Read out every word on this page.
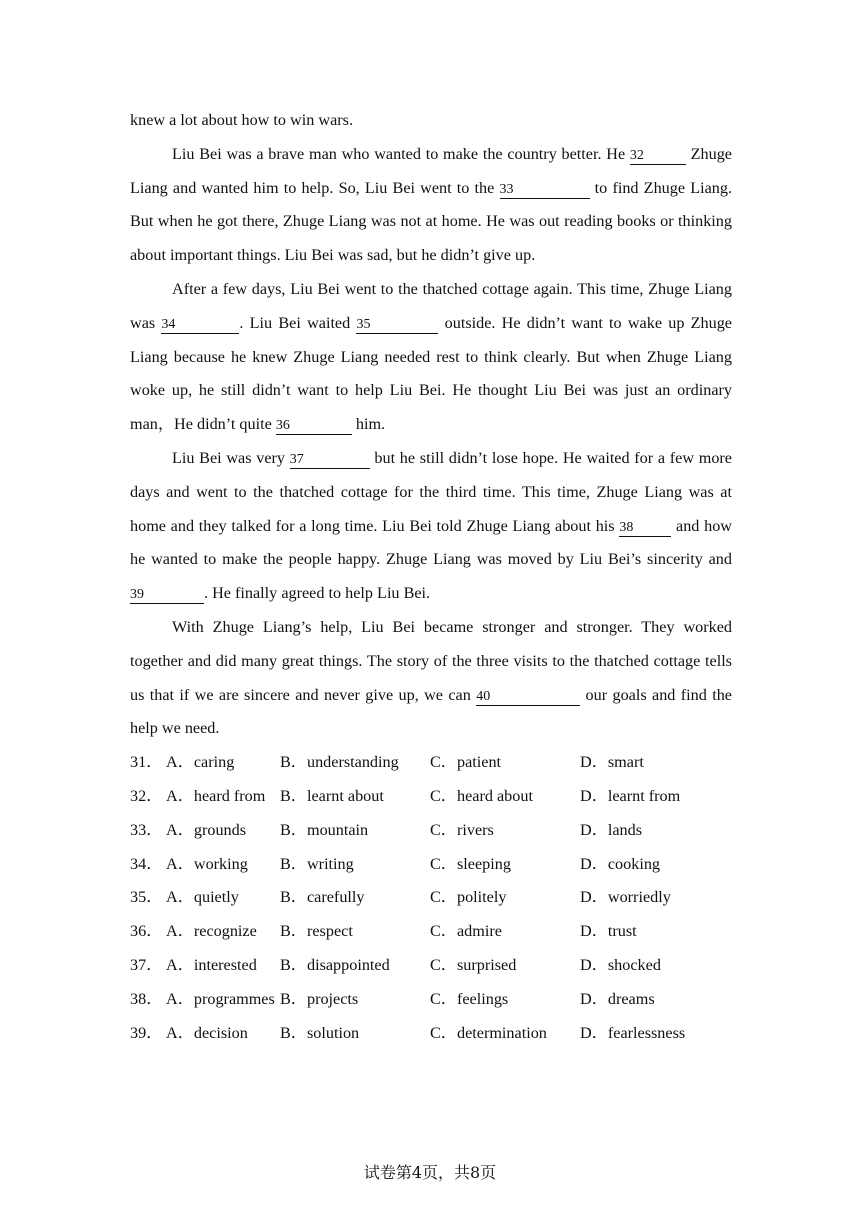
knew a lot about how to win wars.

Liu Bei was a brave man who wanted to make the country better. He 32	Zhuge Liang and wanted him to help. So, Liu Bei went to the 33	to find Zhuge Liang. But when he got there, Zhuge Liang was not at home. He was out reading books or thinking about important things. Liu Bei was sad, but he didn’t give up.

After a few days, Liu Bei went to the thatched cottage again. This time, Zhuge Liang was 34	. Liu Bei waited 35	outside. He didn’t want to wake up Zhuge Liang because he knew Zhuge Liang needed rest to think clearly. But when Zhuge Liang woke up, he still didn’t want to help Liu Bei. He thought Liu Bei was just an ordinary man，He didn’t quite 36	him.

Liu Bei was very 37	but he still didn’t lose hope. He waited for a few more days and went to the thatched cottage for the third time. This time, Zhuge Liang was at home and they talked for a long time. Liu Bei told Zhuge Liang about his 38 and how he wanted to make the people happy. Zhuge Liang was moved by Liu Bei’s sincerity and 39	. He finally agreed to help Liu Bei.

With Zhuge Liang’s help, Liu Bei became stronger and stronger. They worked together and did many great things. The story of the three visits to the thatched cottage tells us that if we are sincere and never give up, we can 40	our goals and find the help we need.

31． A．caring	B．understanding C．patient	D．smart
32． A．heard from B．learnt about	C．heard about	D．learnt from
33． A．grounds B．mountain	C．rivers	D．lands
34． A．working B．writing	C．sleeping	D．cooking
35． A．quietly	B．carefully	C．politely	D．worriedly
36． A．recognize B．respect	C．admire	D．trust
37． A．interested B．disappointed C．surprised	D．shocked
38． A．programmes B．projects	C．feelings	D．dreams
39． A．decision B．solution	C．determination D．fearlessness
试卷第4页，共8页
